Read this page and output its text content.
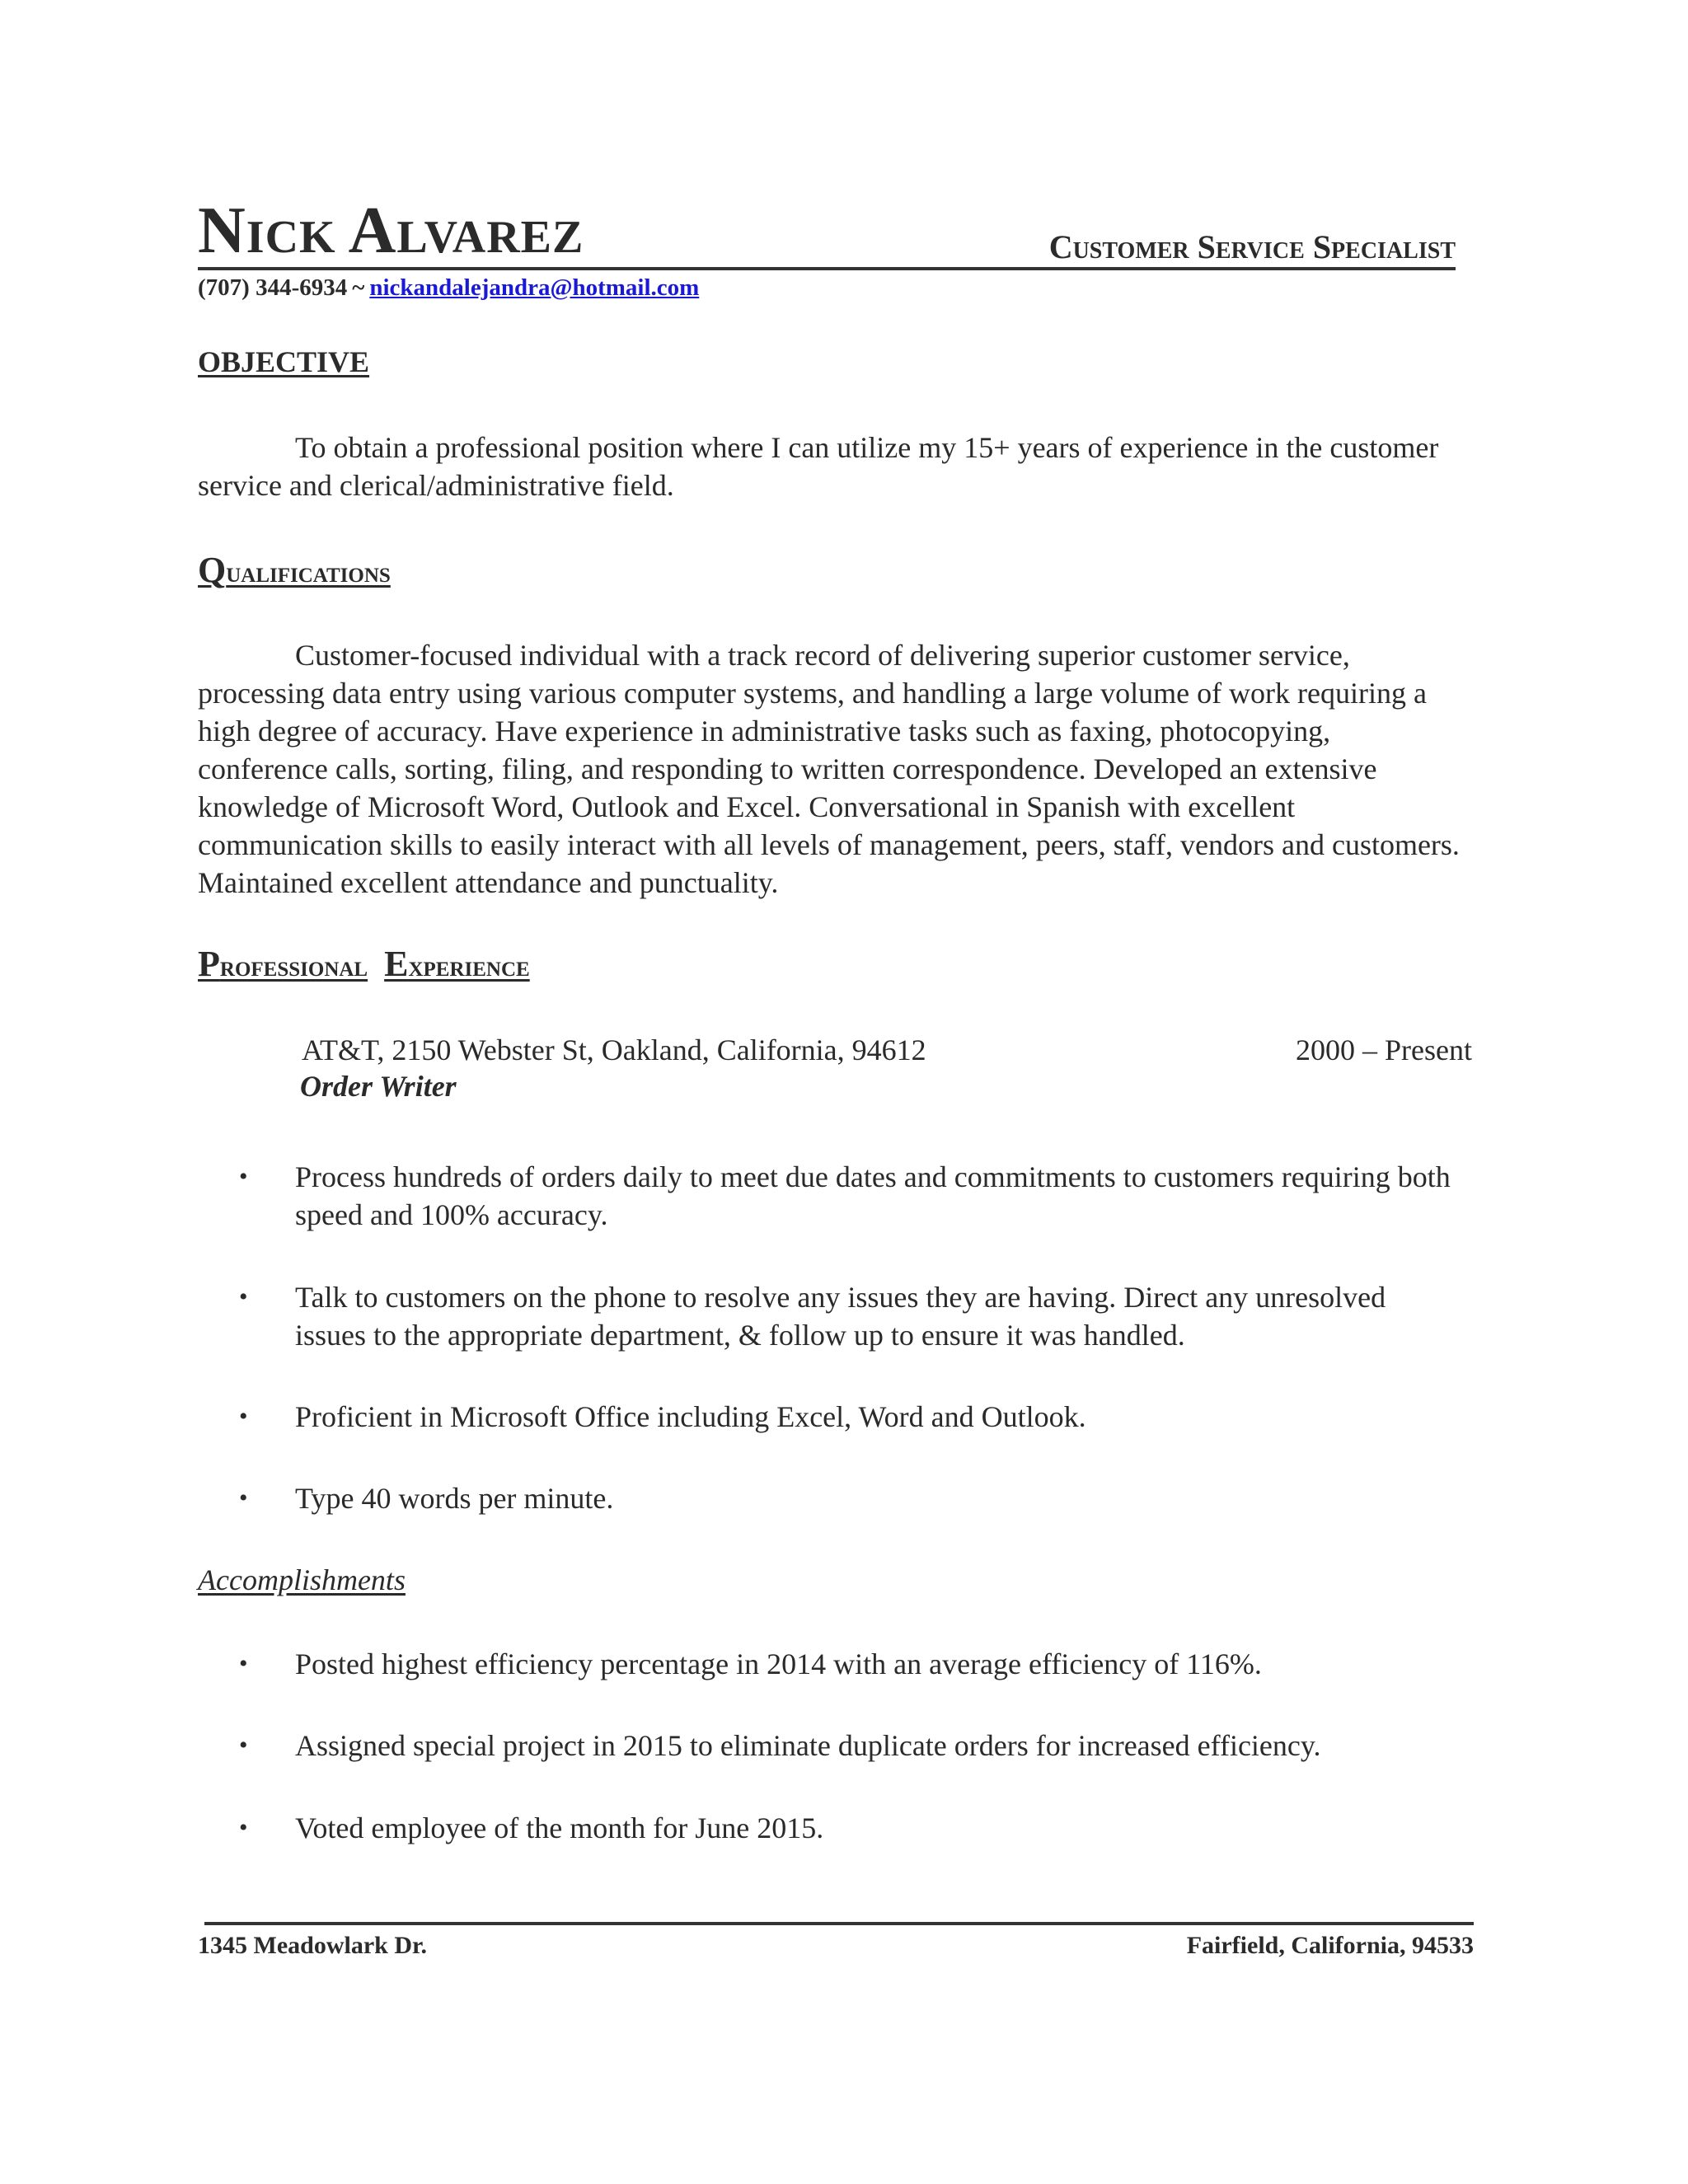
NICK ALVAREZ	Customer Service Specialist
(707) 344-6934 ~ nickandalejandra@hotmail.com
OBJECTIVE
To obtain a professional position where I can utilize my 15+ years of experience in the customer service and clerical/administrative field.
Qualifications
Customer-focused individual with a track record of delivering superior customer service, processing data entry using various computer systems, and handling a large volume of work requiring a high degree of accuracy. Have experience in administrative tasks such as faxing, photocopying, conference calls, sorting, filing, and responding to written correspondence. Developed an extensive knowledge of Microsoft Word, Outlook and Excel. Conversational in Spanish with excellent communication skills to easily interact with all levels of management, peers, staff, vendors and customers. Maintained excellent attendance and punctuality.
Professional Experience
AT&T, 2150 Webster St, Oakland, California, 94612	2000 – Present
Order Writer
•	Process hundreds of orders daily to meet due dates and commitments to customers requiring both speed and 100% accuracy.
•	Talk to customers on the phone to resolve any issues they are having. Direct any unresolved issues to the appropriate department, & follow up to ensure it was handled.
•	Proficient in Microsoft Office including Excel, Word and Outlook.
•	Type 40 words per minute.
Accomplishments
•	Posted highest efficiency percentage in 2014 with an average efficiency of 116%.
•	Assigned special project in 2015 to eliminate duplicate orders for increased efficiency.
•	Voted employee of the month for June 2015.
1345 Meadowlark Dr.	Fairfield, California, 94533
